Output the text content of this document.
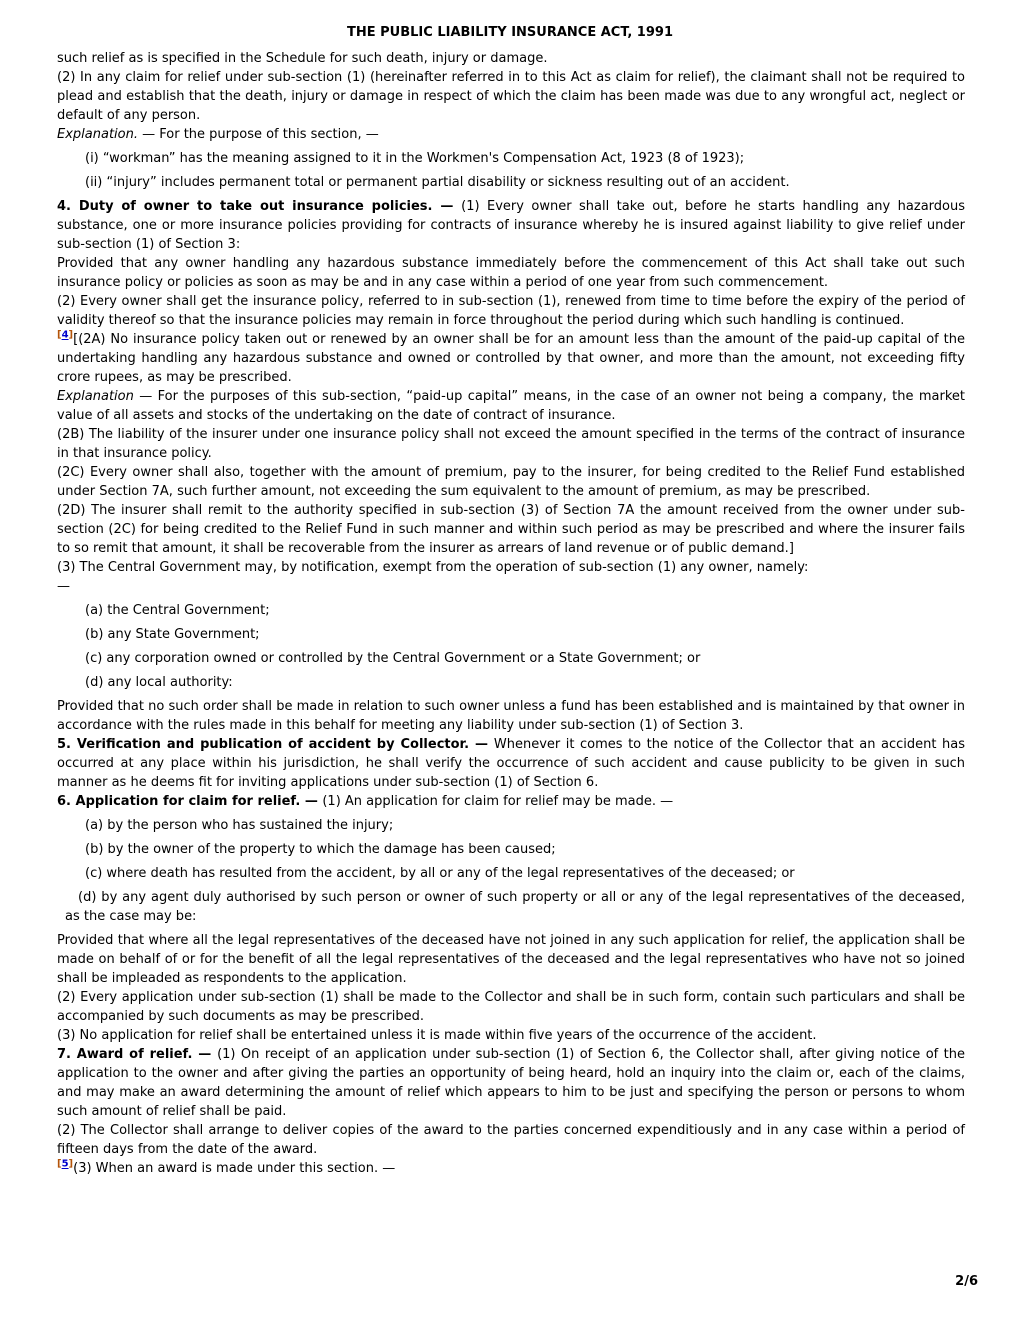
THE PUBLIC LIABILITY INSURANCE ACT, 1991
such relief as is specified in the Schedule for such death, injury or damage.
(2) In any claim for relief under sub-section (1) (hereinafter referred in to this Act as claim for relief), the claimant shall not be required to plead and establish that the death, injury or damage in respect of which the claim has been made was due to any wrongful act, neglect or default of any person.
Explanation. — For the purpose of this section, —
(i) “workman” has the meaning assigned to it in the Workmen's Compensation Act, 1923 (8 of 1923);
(ii) “injury” includes permanent total or permanent partial disability or sickness resulting out of an accident.
4. Duty of owner to take out insurance policies. — (1) Every owner shall take out, before he starts handling any hazardous substance, one or more insurance policies providing for contracts of insurance whereby he is insured against liability to give relief under sub-section (1) of Section 3:
Provided that any owner handling any hazardous substance immediately before the commencement of this Act shall take out such insurance policy or policies as soon as may be and in any case within a period of one year from such commencement.
(2) Every owner shall get the insurance policy, referred to in sub-section (1), renewed from time to time before the expiry of the period of validity thereof so that the insurance policies may remain in force throughout the period during which such handling is continued.
[4][(2A) No insurance policy taken out or renewed by an owner shall be for an amount less than the amount of the paid-up capital of the undertaking handling any hazardous substance and owned or controlled by that owner, and more than the amount, not exceeding fifty crore rupees, as may be prescribed.
Explanation — For the purposes of this sub-section, “paid-up capital” means, in the case of an owner not being a company, the market value of all assets and stocks of the undertaking on the date of contract of insurance.
(2B) The liability of the insurer under one insurance policy shall not exceed the amount specified in the terms of the contract of insurance in that insurance policy.
(2C) Every owner shall also, together with the amount of premium, pay to the insurer, for being credited to the Relief Fund established under Section 7A, such further amount, not exceeding the sum equivalent to the amount of premium, as may be prescribed.
(2D) The insurer shall remit to the authority specified in sub-section (3) of Section 7A the amount received from the owner under sub-section (2C) for being credited to the Relief Fund in such manner and within such period as may be prescribed and where the insurer fails to so remit that amount, it shall be recoverable from the insurer as arrears of land revenue or of public demand.]
(3) The Central Government may, by notification, exempt from the operation of sub-section (1) any owner, namely:
—
(a) the Central Government;
(b) any State Government;
(c) any corporation owned or controlled by the Central Government or a State Government; or
(d) any local authority:
Provided that no such order shall be made in relation to such owner unless a fund has been established and is maintained by that owner in accordance with the rules made in this behalf for meeting any liability under sub-section (1) of Section 3.
5. Verification and publication of accident by Collector. — Whenever it comes to the notice of the Collector that an accident has occurred at any place within his jurisdiction, he shall verify the occurrence of such accident and cause publicity to be given in such manner as he deems fit for inviting applications under sub-section (1) of Section 6.
6. Application for claim for relief. — (1) An application for claim for relief may be made. —
(a) by the person who has sustained the injury;
(b) by the owner of the property to which the damage has been caused;
(c) where death has resulted from the accident, by all or any of the legal representatives of the deceased; or
(d) by any agent duly authorised by such person or owner of such property or all or any of the legal representatives of the deceased, as the case may be:
Provided that where all the legal representatives of the deceased have not joined in any such application for relief, the application shall be made on behalf of or for the benefit of all the legal representatives of the deceased and the legal representatives who have not so joined shall be impleaded as respondents to the application.
(2) Every application under sub-section (1) shall be made to the Collector and shall be in such form, contain such particulars and shall be accompanied by such documents as may be prescribed.
(3) No application for relief shall be entertained unless it is made within five years of the occurrence of the accident.
7. Award of relief. — (1) On receipt of an application under sub-section (1) of Section 6, the Collector shall, after giving notice of the application to the owner and after giving the parties an opportunity of being heard, hold an inquiry into the claim or, each of the claims, and may make an award determining the amount of relief which appears to him to be just and specifying the person or persons to whom such amount of relief shall be paid.
(2) The Collector shall arrange to deliver copies of the award to the parties concerned expenditiously and in any case within a period of fifteen days from the date of the award.
[5](3) When an award is made under this section. —
2/6
